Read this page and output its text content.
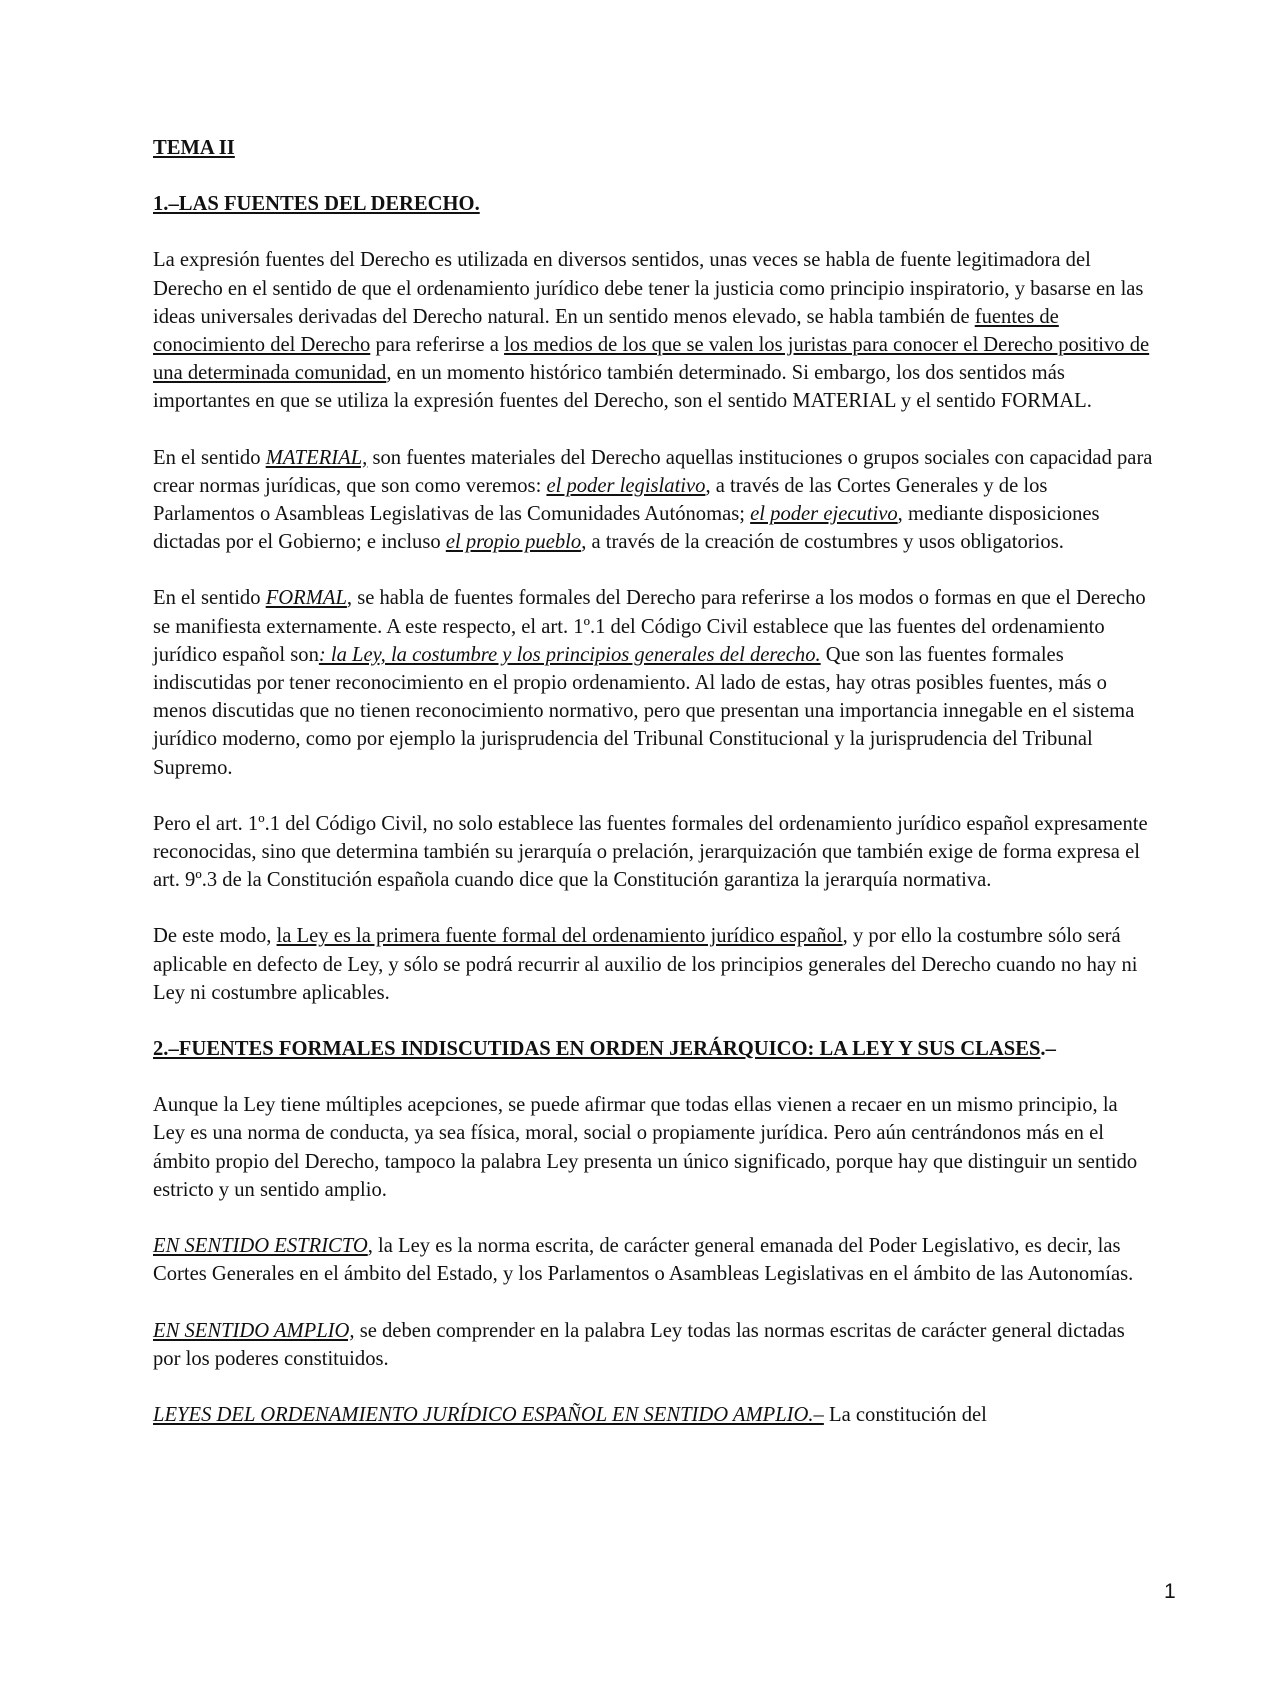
TEMA II
1.–LAS FUENTES DEL DERECHO.

La expresión fuentes del Derecho es utilizada en diversos sentidos, unas veces se habla de fuente legitimadora del Derecho en el sentido de que el ordenamiento jurídico debe tener la justicia como principio inspiratorio, y basarse en las ideas universales derivadas del Derecho natural. En un sentido menos elevado, se habla también de fuentes de conocimiento del Derecho para referirse a los medios de los que se valen los juristas para conocer el Derecho positivo de una determinada comunidad, en un momento histórico también determinado. Si embargo, los dos sentidos más importantes en que se utiliza la expresión fuentes del Derecho, son el sentido MATERIAL y el sentido FORMAL.

En el sentido MATERIAL, son fuentes materiales del Derecho aquellas instituciones o grupos sociales con capacidad para crear normas jurídicas, que son como veremos: el poder legislativo, a través de las Cortes Generales y de los Parlamentos o Asambleas Legislativas de las Comunidades Autónomas; el poder ejecutivo, mediante disposiciones dictadas por el Gobierno; e incluso el propio pueblo, a través de la creación de costumbres y usos obligatorios.

En el sentido FORMAL, se habla de fuentes formales del Derecho para referirse a los modos o formas en que el Derecho se manifiesta externamente. A este respecto, el art. 1º.1 del Código Civil establece que las fuentes del ordenamiento jurídico español son: la Ley, la costumbre y los principios generales del derecho. Que son las fuentes formales indiscutidas por tener reconocimiento en el propio ordenamiento. Al lado de estas, hay otras posibles fuentes, más o menos discutidas que no tienen reconocimiento normativo, pero que presentan una importancia innegable en el sistema jurídico moderno, como por ejemplo la jurisprudencia del Tribunal Constitucional y la jurisprudencia del Tribunal Supremo.

Pero el art. 1º.1 del Código Civil, no solo establece las fuentes formales del ordenamiento jurídico español expresamente reconocidas, sino que determina también su jerarquía o prelación, jerarquización que también exige de forma expresa el art. 9º.3 de la Constitución española cuando dice que la Constitución garantiza la jerarquía normativa.

De este modo, la Ley es la primera fuente formal del ordenamiento jurídico español, y por ello la costumbre sólo será aplicable en defecto de Ley, y sólo se podrá recurrir al auxilio de los principios generales del Derecho cuando no hay ni Ley ni costumbre aplicables.

2.–FUENTES FORMALES INDISCUTIDAS EN ORDEN JERÁRQUICO: LA LEY Y SUS CLASES.–

Aunque la Ley tiene múltiples acepciones, se puede afirmar que todas ellas vienen a recaer en un mismo principio, la Ley es una norma de conducta, ya sea física, moral, social o propiamente jurídica. Pero aún centrándonos más en el ámbito propio del Derecho, tampoco la palabra Ley presenta un único significado, porque hay que distinguir un sentido estricto y un sentido amplio.

EN SENTIDO ESTRICTO, la Ley es la norma escrita, de carácter general emanada del Poder Legislativo, es decir, las Cortes Generales en el ámbito del Estado, y los Parlamentos o Asambleas Legislativas en el ámbito de las Autonomías.

EN SENTIDO AMPLIO, se deben comprender en la palabra Ley todas las normas escritas de carácter general dictadas por los poderes constituidos.

LEYES DEL ORDENAMIENTO JURÍDICO ESPAÑOL EN SENTIDO AMPLIO.– La constitución del

1
